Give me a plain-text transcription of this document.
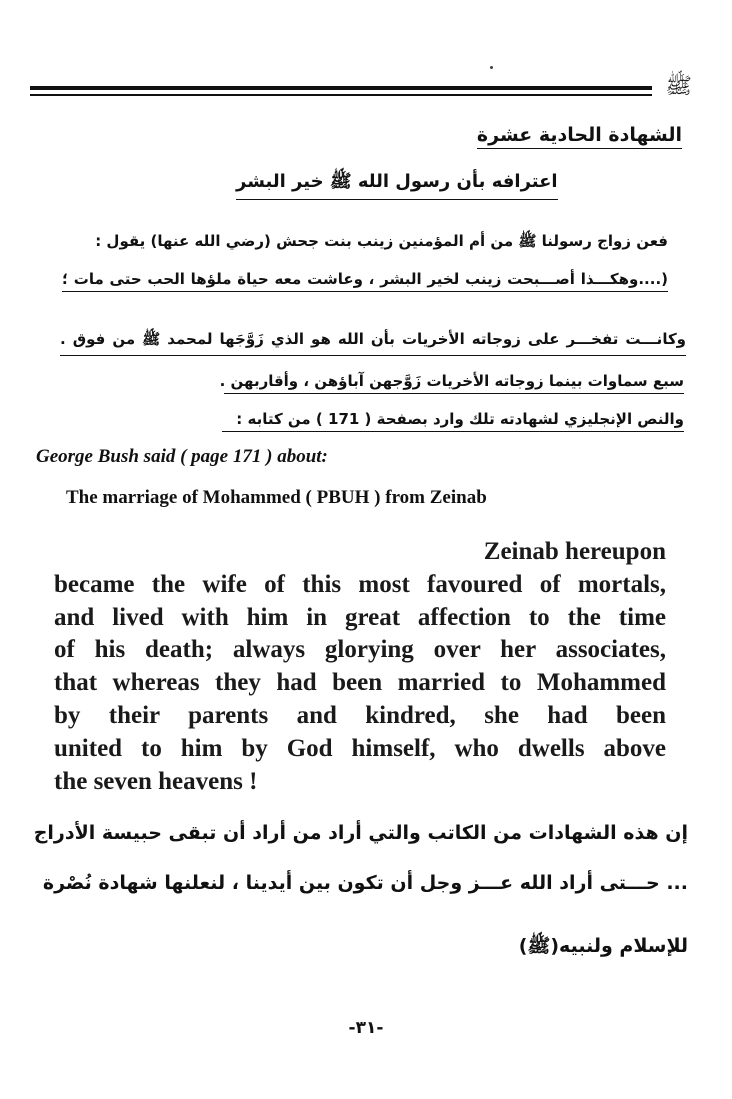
ﷺ
الشهادة الحادية عشرة
اعترافه بأن رسول الله ﷺ خير البشر
فعن زواج رسولنا ﷺ من أم المؤمنين زينب بنت جحش (رضي الله عنها) يقول :
(....وهكـــذا أصـــبحت زينب لخير البشر ، وعاشت معه حياة ملؤها الحب حتى مات ؛
وكانـــت تفخـــر على زوجاته الأخريات بأن الله هو الذي زَوَّجَها لمحمد ﷺ من فوق .
سبع سماوات بينما زوجاته الأخريات زَوَّجهن آباؤهن ، وأقاربهن .
والنص الإنجليزي لشهادته تلك وارد بصفحة ( 171 ) من كتابه :
George Bush said ( page 171 ) about:
The marriage of Mohammed ( PBUH ) from Zeinab
Zeinab hereupon
became the wife of this most favoured of mortals,
and lived with him in great affection to the time
of his death; always glorying over her associates,
that whereas they had been married to Mohammed
by their parents and kindred, she had been
united to him by God himself, who dwells above
the seven heavens !
إن هذه الشهادات من الكاتب والتي أراد من أراد أن تبقى حبيسة الأدراج
... حـــتى أراد الله عـــز وجل أن تكون بين أيدينا ، لنعلنها شهادة نُصْرة
للإسلام ولنبيه(ﷺ)
-٣١-
